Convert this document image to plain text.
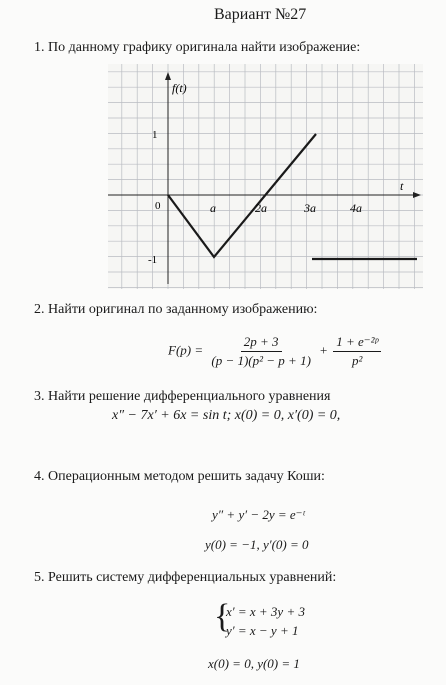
Вариант №27
1. По данному графику оригинала найти изображение:
f(t)
t
0	a	2a	3a	4a
1
-1
2. Найти оригинал по заданному изображению:
$F(p) = \frac{2p + 3}{\text{(p − 1)(p² − p + 1)}} + \frac{\text{1 + e⁻²ᵖ}}{\text{p²}}$
3. Найти решение дифференциального уравнения
x″ − 7x′ + 6x = sin t; x(0) = 0, x′(0) = 0,
4. Операционным методом решить задачу Коши:
y″ + y′ − 2y = e⁻ᵗ
y(0) = −1, y′(0) = 0
5. Решить систему дифференциальных уравнений:
{
x′ = x + 3y + 3
y′ = x − y + 1
x(0) = 0, y(0) = 1
